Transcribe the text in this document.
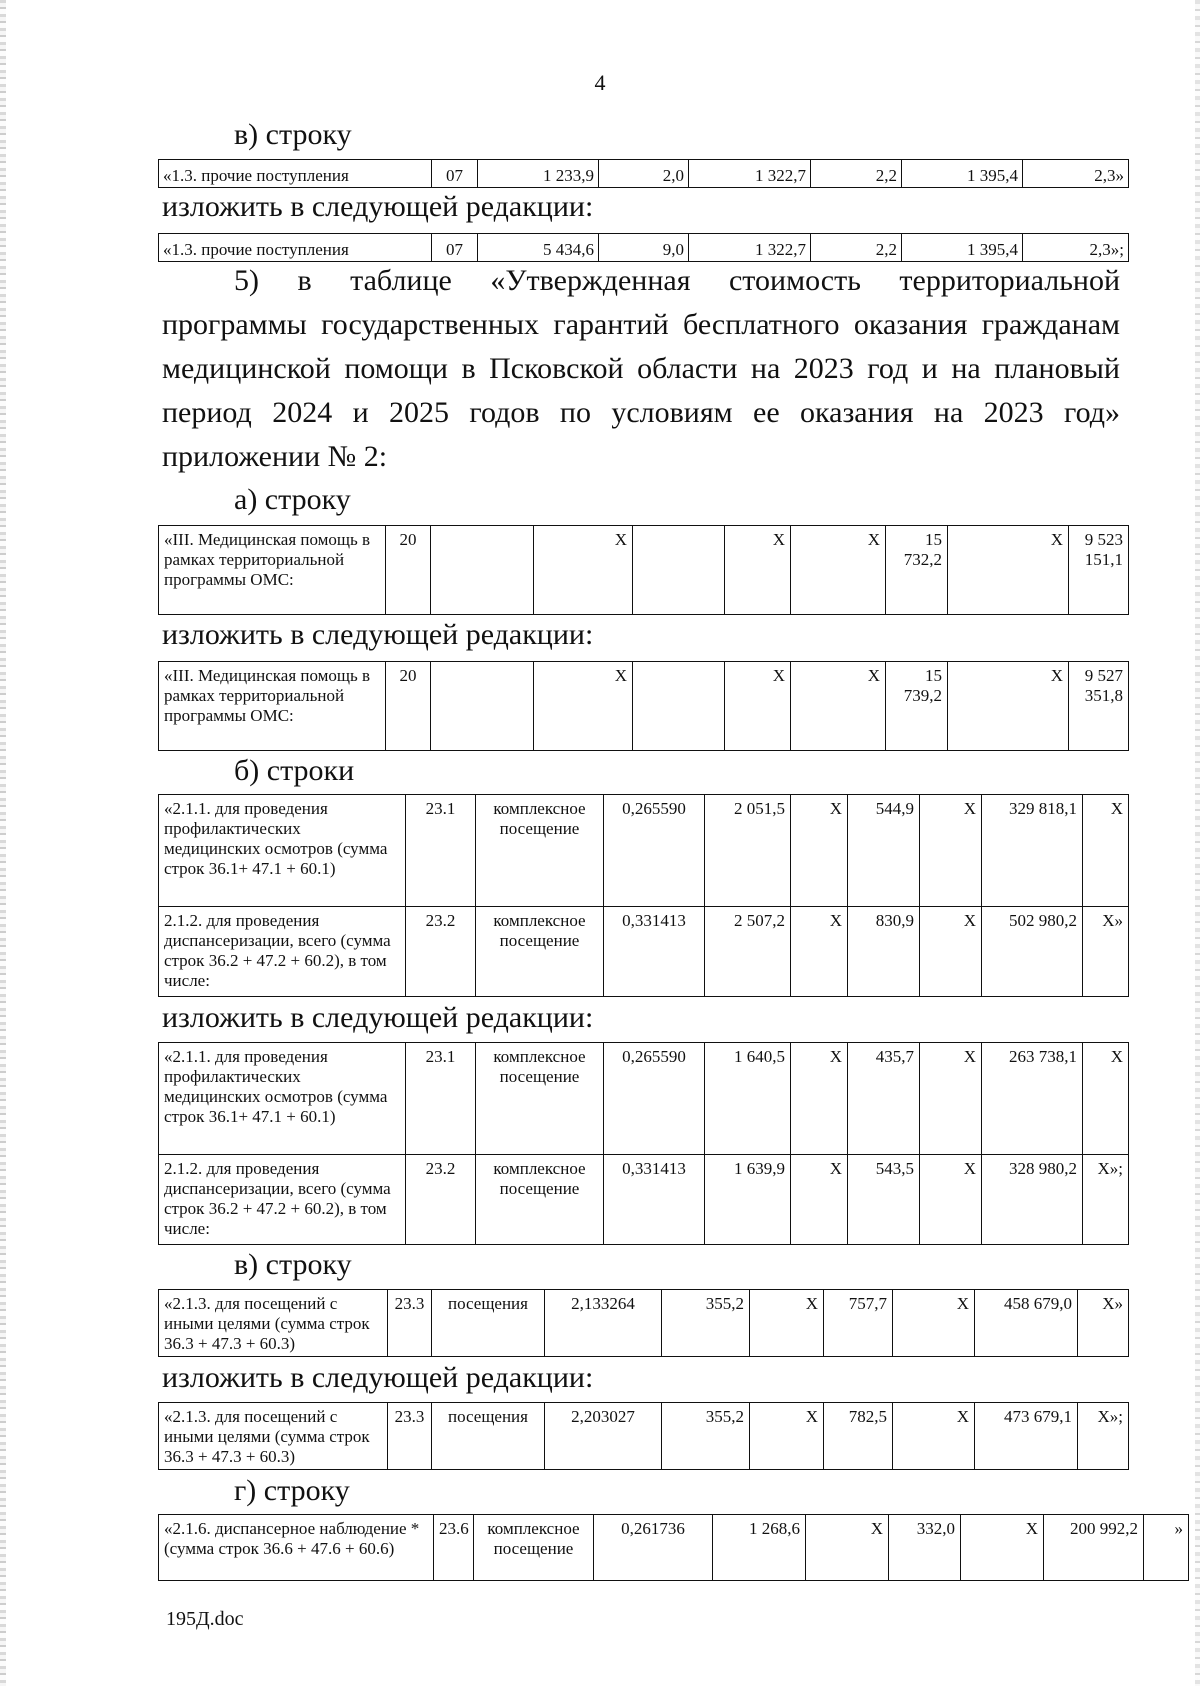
4
в) строку
«1.3. прочие поступления	07	1 233,9	2,0	1 322,7	2,2	1 395,4	2,3»
изложить в следующей редакции:
«1.3. прочие поступления	07	5 434,6	9,0	1 322,7	2,2	1 395,4	2,3»;
5) в таблице «Утвержденная стоимость территориальной
программы государственных гарантий бесплатного оказания гражданам
медицинской помощи в Псковской области на 2023 год и на плановый
период 2024 и 2025 годов по условиям ее оказания на 2023 год»
приложении № 2:
а) строку
«III. Медицинская помощь в рамках территориальной программы ОМС:	20		X		X	X	15 732,2	X	9 523 151,1
изложить в следующей редакции:
«III. Медицинская помощь в рамках территориальной программы ОМС:	20		X		X	X	15 739,2	X	9 527 351,8
б) строки
«2.1.1. для проведения профилактических медицинских осмотров (сумма строк 36.1+ 47.1 + 60.1)	23.1	комплексное посещение	0,265590	2 051,5	X	544,9	X	329 818,1	X
2.1.2. для проведения диспансеризации, всего (сумма строк 36.2 + 47.2 + 60.2), в том числе:	23.2	комплексное посещение	0,331413	2 507,2	X	830,9	X	502 980,2	X»
изложить в следующей редакции:
«2.1.1. для проведения профилактических медицинских осмотров (сумма строк 36.1+ 47.1 + 60.1)	23.1	комплексное посещение	0,265590	1 640,5	X	435,7	X	263 738,1	X
2.1.2. для проведения диспансеризации, всего (сумма строк 36.2 + 47.2 + 60.2), в том числе:	23.2	комплексное посещение	0,331413	1 639,9	X	543,5	X	328 980,2	X»;
в) строку
«2.1.3. для посещений с иными целями (сумма строк 36.3 + 47.3 + 60.3)	23.3	посещения	2,133264	355,2	X	757,7	X	458 679,0	X»
изложить в следующей редакции:
«2.1.3. для посещений с иными целями (сумма строк 36.3 + 47.3 + 60.3)	23.3	посещения	2,203027	355,2	X	782,5	X	473 679,1	X»;
г) строку
«2.1.6. диспансерное наблюдение * (сумма строк 36.6 + 47.6 + 60.6)	23.6	комплексное посещение	0,261736	1 268,6	X	332,0	X	200 992,2	»
195Д.doc
